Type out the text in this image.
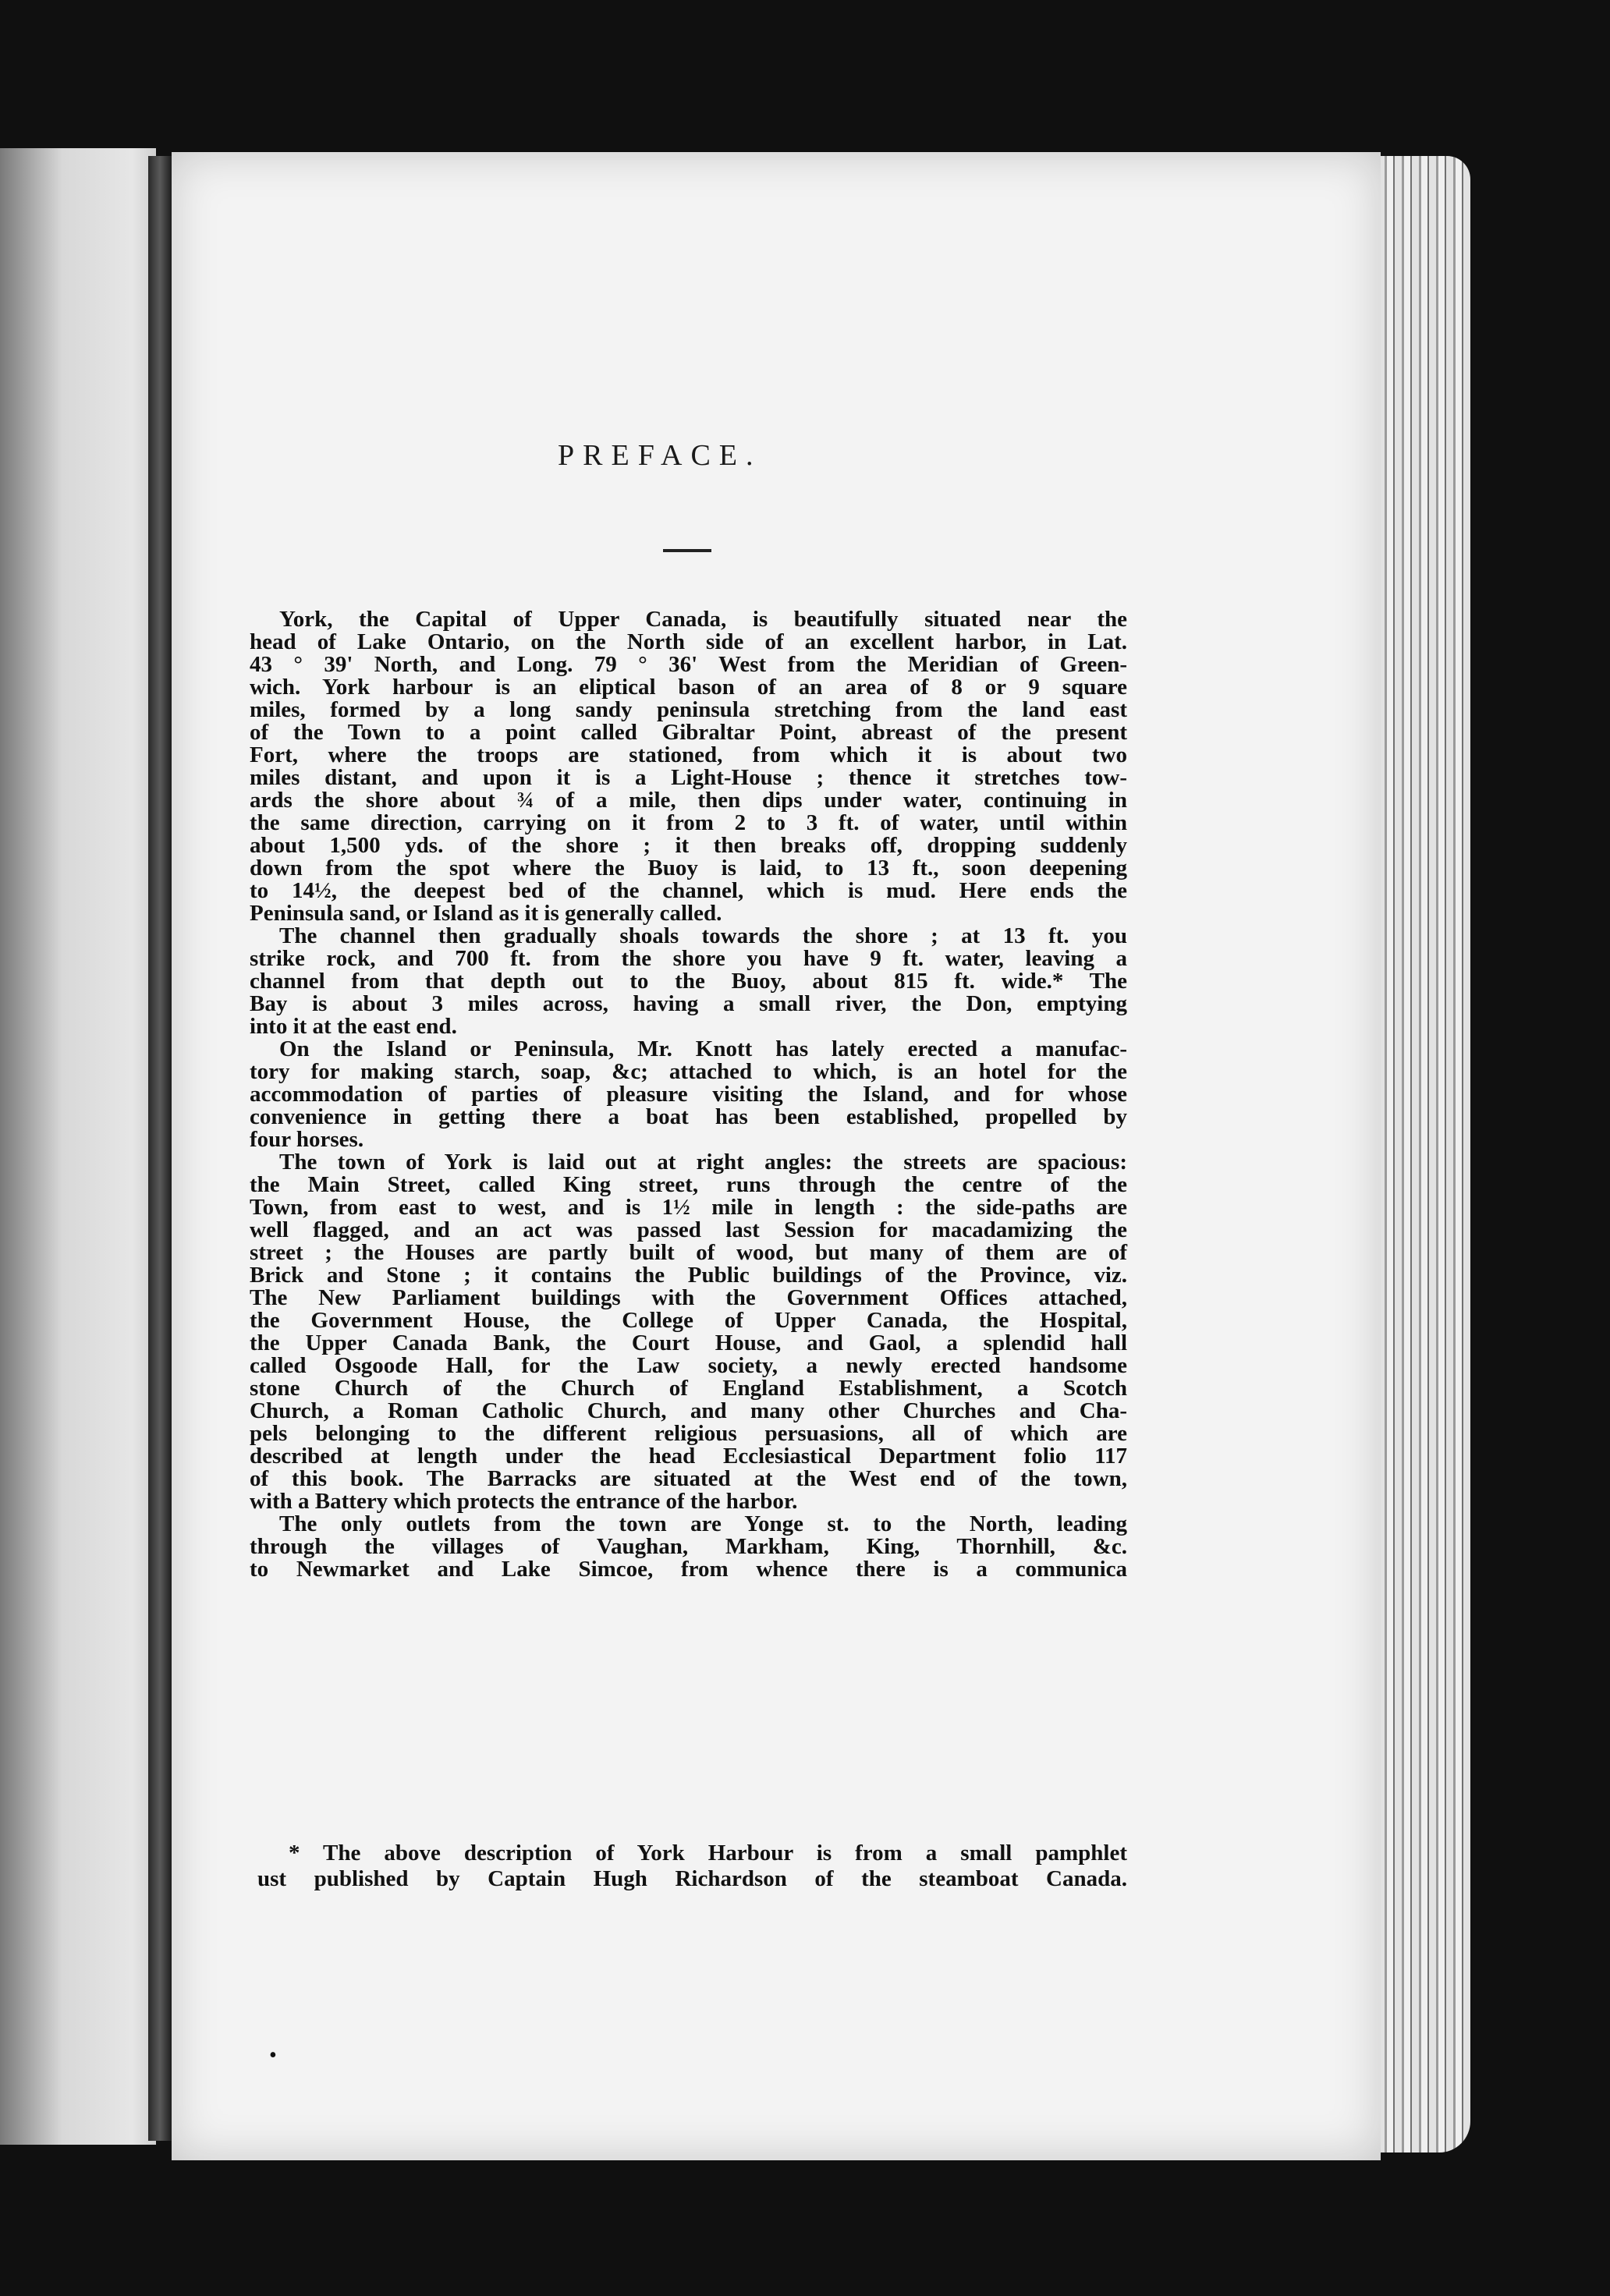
PREFACE.
York, the Capital of Upper Canada, is beautifully situated near the
head of Lake Ontario, on the North side of an excellent harbor, in Lat.
43 ° 39' North, and Long. 79 ° 36' West from the Meridian of Green-
wich. York harbour is an eliptical bason of an area of 8 or 9 square
miles, formed by a long sandy peninsula stretching from the land east
of the Town to a point called Gibraltar Point, abreast of the present
Fort, where the troops are stationed, from which it is about two
miles distant, and upon it is a Light-House ; thence it stretches tow-
ards the shore about ¾ of a mile, then dips under water, continuing in
the same direction, carrying on it from 2 to 3 ft. of water, until within
about 1,500 yds. of the shore ; it then breaks off, dropping suddenly
down from the spot where the Buoy is laid, to 13 ft., soon deepening
to 14½, the deepest bed of the channel, which is mud. Here ends the
Peninsula sand, or Island as it is generally called.
The channel then gradually shoals towards the shore ; at 13 ft. you
strike rock, and 700 ft. from the shore you have 9 ft. water, leaving a
channel from that depth out to the Buoy, about 815 ft. wide.* The
Bay is about 3 miles across, having a small river, the Don, emptying
into it at the east end.
On the Island or Peninsula, Mr. Knott has lately erected a manufac-
tory for making starch, soap, &c; attached to which, is an hotel for the
accommodation of parties of pleasure visiting the Island, and for whose
convenience in getting there a boat has been established, propelled by
four horses.
The town of York is laid out at right angles: the streets are spacious:
the Main Street, called King street, runs through the centre of the
Town, from east to west, and is 1½ mile in length : the side-paths are
well flagged, and an act was passed last Session for macadamizing the
street ; the Houses are partly built of wood, but many of them are of
Brick and Stone ; it contains the Public buildings of the Province, viz.
The New Parliament buildings with the Government Offices attached,
the Government House, the College of Upper Canada, the Hospital,
the Upper Canada Bank, the Court House, and Gaol, a splendid hall
called Osgoode Hall, for the Law society, a newly erected handsome
stone Church of the Church of England Establishment, a Scotch
Church, a Roman Catholic Church, and many other Churches and Cha-
pels belonging to the different religious persuasions, all of which are
described at length under the head Ecclesiastical Department folio 117
of this book. The Barracks are situated at the West end of the town,
with a Battery which protects the entrance of the harbor.
The only outlets from the town are Yonge st. to the North, leading
through the villages of Vaughan, Markham, King, Thornhill, &c.
to Newmarket and Lake Simcoe, from whence there is a communica
* The above description of York Harbour is from a small pamphlet
ust published by Captain Hugh Richardson of the steamboat Canada.
•
